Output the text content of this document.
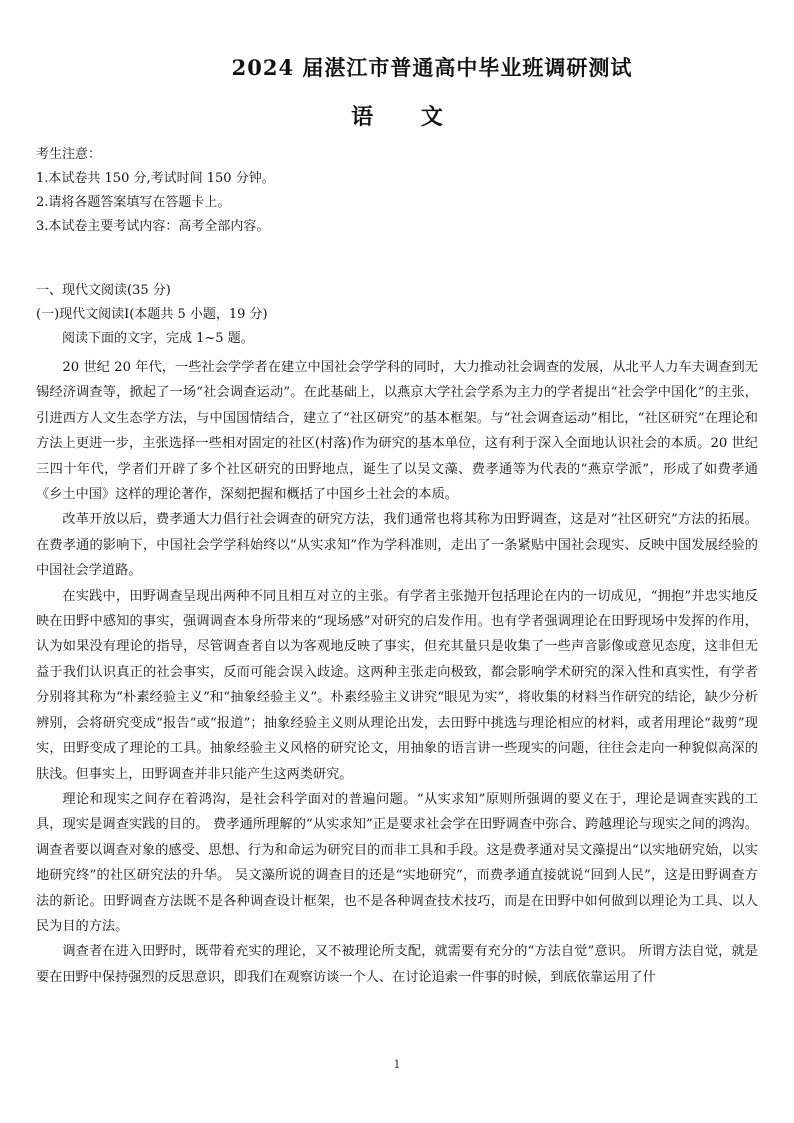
2024 届湛江市普通高中毕业班调研测试
语 文
考生注意：
1.本试卷共 150 分,考试时间 150 分钟。
2.请将各题答案填写在答题卡上。
3.本试卷主要考试内容：高考全部内容。
一、现代文阅读(35 分)
(一)现代文阅读Ⅰ(本题共 5 小题，19 分)
阅读下面的文字，完成 1~5 题。

20 世纪 20 年代，一些社会学学者在建立中国社会学学科的同时，大力推动社会调查的发展，从北平人力车夫调查到无锡经济调查等，掀起了一场“社会调查运动”。在此基础上，以燕京大学社会学系为主力的学者提出“社会学中国化”的主张，引进西方人文生态学方法，与中国国情结合，建立了“社区研究”的基本框架。与“社会调查运动”相比，“社区研究”在理论和方法上更进一步，主张选择一些相对固定的社区(村落)作为研究的基本单位，这有利于深入全面地认识社会的本质。20 世纪三四十年代，学者们开辟了多个社区研究的田野地点，诞生了以吴文藻、费孝通等为代表的“燕京学派”，形成了如费孝通《乡土中国》这样的理论著作，深刻把握和概括了中国乡土社会的本质。

改革开放以后，费孝通大力倡行社会调查的研究方法，我们通常也将其称为田野调查，这是对“社区研究”方法的拓展。在费孝通的影响下，中国社会学学科始终以“从实求知”作为学科准则，走出了一条紧贴中国社会现实、反映中国发展经验的中国社会学道路。

在实践中，田野调查呈现出两种不同且相互对立的主张。有学者主张抛开包括理论在内的一切成见，“拥抱”并忠实地反映在田野中感知的事实，强调调查本身所带来的“现场感”对研究的启发作用。也有学者强调理论在田野现场中发挥的作用，认为如果没有理论的指导，尽管调查者自以为客观地反映了事实，但充其量只是收集了一些声音影像或意见态度，这非但无益于我们认识真正的社会事实，反而可能会误入歧途。这两种主张走向极致，都会影响学术研究的深入性和真实性，有学者分别将其称为“朴素经验主义”和“抽象经验主义”。朴素经验主义讲究“眼见为实”，将收集的材料当作研究的结论，缺少分析辨别，会将研究变成“报告”或“报道”；抽象经验主义则从理论出发，去田野中挑选与理论相应的材料，或者用理论“裁剪”现实，田野变成了理论的工具。抽象经验主义风格的研究论文，用抽象的语言讲一些现实的问题，往往会走向一种貌似高深的肤浅。但事实上，田野调查并非只能产生这两类研究。

理论和现实之间存在着鸿沟，是社会科学面对的普遍问题。“从实求知”原则所强调的要义在于，理论是调查实践的工具，现实是调查实践的目的。 费孝通所理解的“从实求知”正是要求社会学在田野调查中弥合、跨越理论与现实之间的鸿沟。调查者要以调查对象的感受、思想、行为和命运为研究目的而非工具和手段。这是费孝通对吴文藻提出“以实地研究始，以实地研究终”的社区研究法的升华。 吴文藻所说的调查目的还是“实地研究”，而费孝通直接就说“回到人民”，这是田野调查方法的新论。田野调查方法既不是各种调查设计框架，也不是各种调查技术技巧，而是在田野中如何做到以理论为工具、以人民为目的方法。

调查者在进入田野时，既带着充实的理论，又不被理论所支配，就需要有充分的“方法自觉”意识。 所谓方法自觉，就是要在田野中保持强烈的反思意识，即我们在观察访谈一个人、在讨论追索一件事的时候，到底依靠运用了什

1
